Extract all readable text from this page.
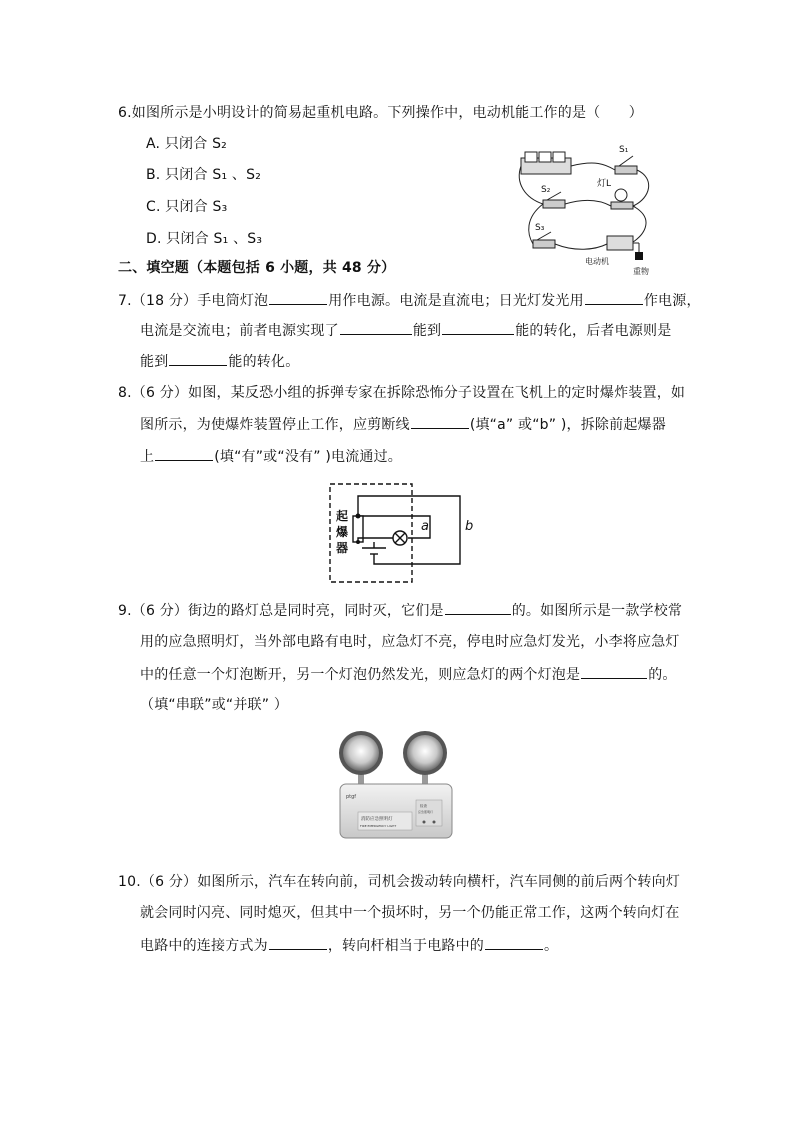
6.如图所示是小明设计的简易起重机电路。下列操作中，电动机能工作的是（　　）
A. 只闭合 S₂
B. 只闭合 S₁ 、S₂
C. 只闭合 S₃
D. 只闭合 S₁ 、S₃
S₁
S₂
灯L
S₃
电动机
重物
二、填空题（本题包括 6 小题，共 48 分）
7.（18 分）手电筒灯泡	用作电源。电流是直流电；日光灯发光用	作电源，
电流是交流电；前者电源实现了	能到	能的转化，后者电源则是
能到	能的转化。
8.（6 分）如图，某反恐小组的拆弹专家在拆除恐怖分子设置在飞机上的定时爆炸装置，如
图所示，为使爆炸装置停止工作，应剪断线	(填“a” 或“b” )，拆除前起爆器
上	(填“有”或“没有” )电流通过。
起
爆
器
a	b
9.（6 分）街边的路灯总是同时亮，同时灭，它们是	的。如图所示是一款学校常
用的应急照明灯，当外部电路有电时，应急灯不亮，停电时应急灯发光，小李将应急灯
中的任意一个灯泡断开，另一个灯泡仍然发光，则应急灯的两个灯泡是	的。
（填“串联”或“并联” ）
ptgf
消防应急照明灯
FIRE EMERGENCY LIGHT
检查
应急照明灯
10.（6 分）如图所示，汽车在转向前，司机会拨动转向横杆，汽车同侧的前后两个转向灯
就会同时闪亮、同时熄灭，但其中一个损坏时，另一个仍能正常工作，这两个转向灯在
电路中的连接方式为	，转向杆相当于电路中的	。
